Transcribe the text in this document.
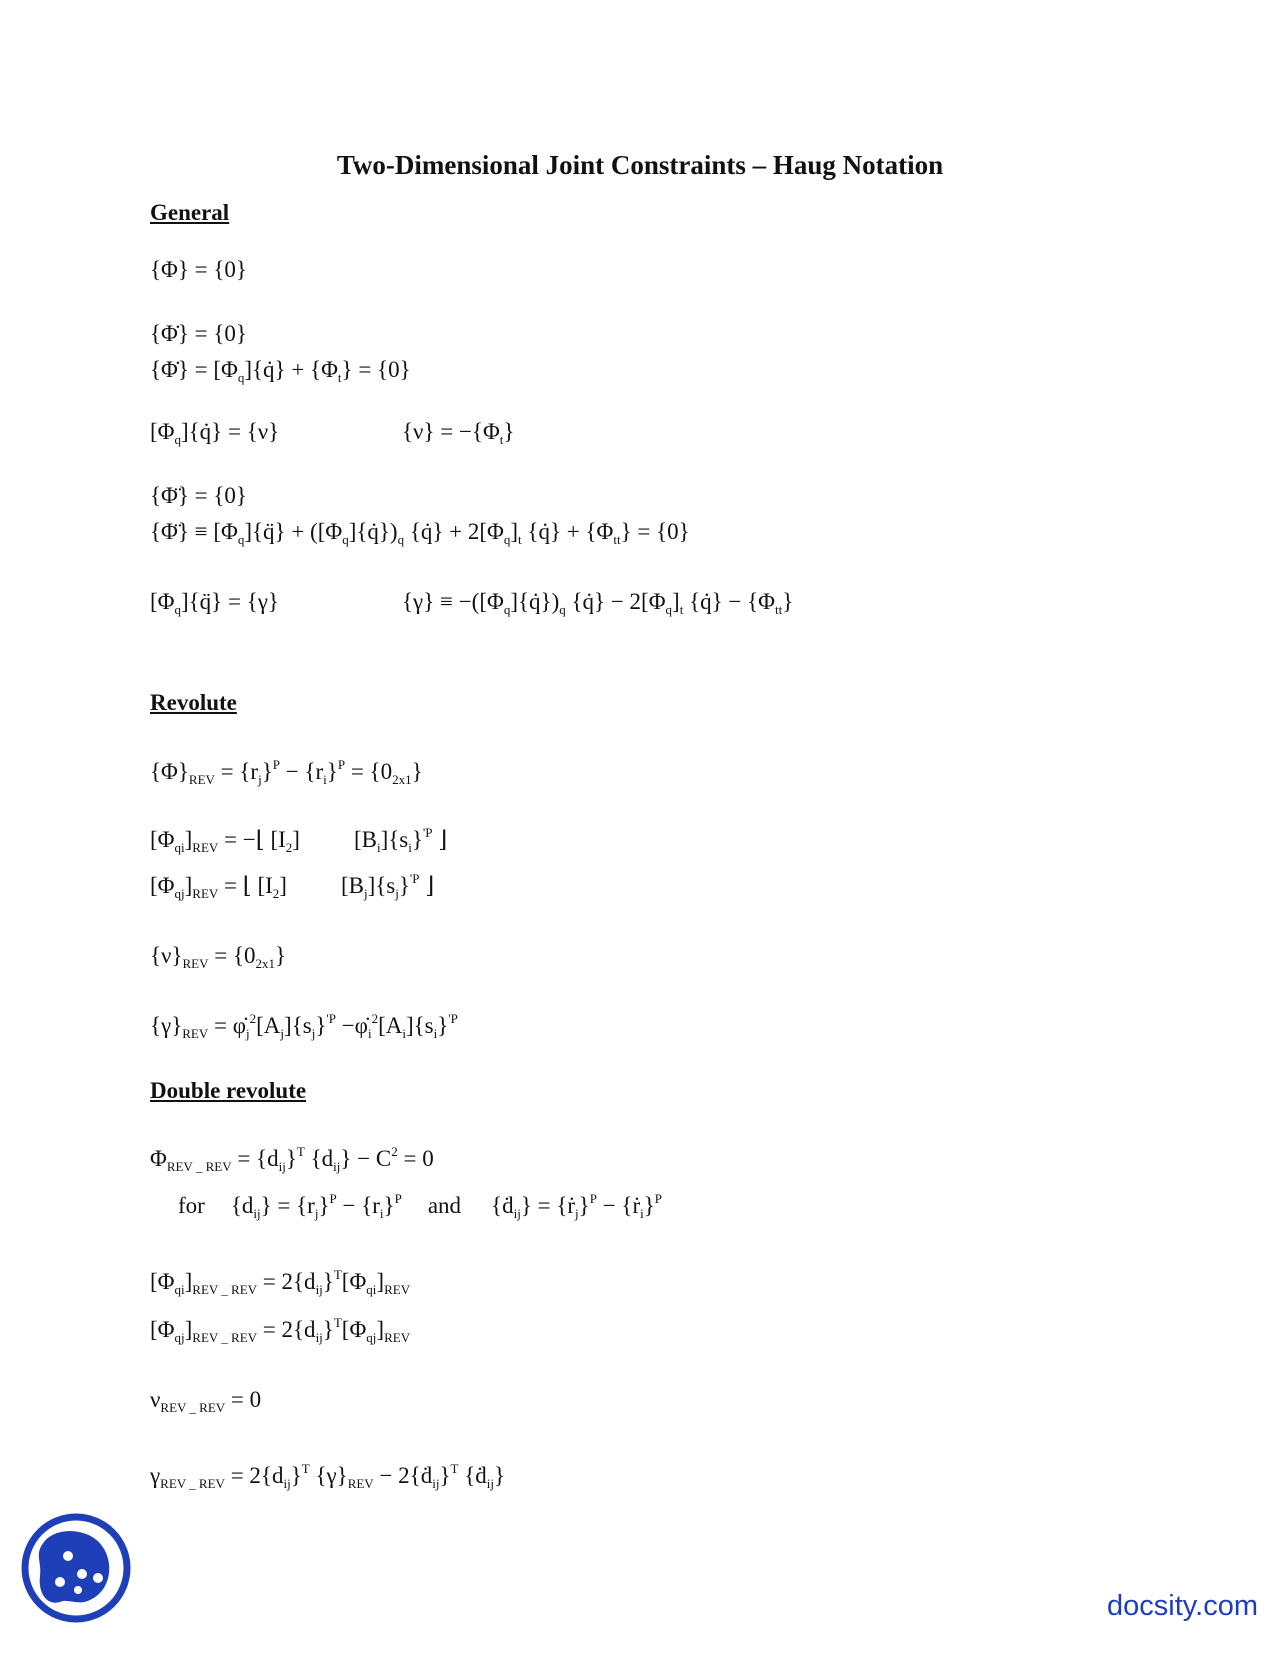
Two-Dimensional Joint Constraints – Haug Notation
General
{Φ} = {0}
{Φ̇} = {0}
{Φ̇} = $[\Phi_q]\{q̇\} + \{\Phi_t\} = \{0\}$
$[\Phi_q]\{q̇\} = \{\nu\}$	$\{\nu\} = -\{\Phi_t\}$
{Φ̈} = {0}
{Φ̈} ≡ $[\Phi_q]\{q̈\}$ + $([\Phi_q]\{q̇\})_q$ {q̇} + $2[\Phi_q]_t$ {q̇} + $\{\Phi_{tt}\} = \{0\}$
$[\Phi_q]\{q̈\} = \{\gamma\}$	$\{\gamma\} \equiv -([\Phi_q]\{q̇\})_q$ {q̇} − $2[\Phi_q]_t$ {q̇} − $\{\Phi_{tt}\}$
Revolute
$\{\Phi\}_{REV} = \{r_j\}^P - \{r_i\}^P = \{0_{2x1}\}$
$[\Phi_{qi}]_{REV}$ = −⌊ $[I_2]$ $[B_i]\{s_i\}^{'P}$ ⌋
$[\Phi_{qj}]_{REV}$ = ⌊ $[I_2]$ $[B_j]\{s_j\}^{'P}$ ⌋
$\{\nu\}_{REV} = \{0_{2x1}\}$
$\{\gamma\}_{REV}$ = $\varphi̇_j^2[A_j]\{s_j\}^{'P}$ $-\varphi̇_i^2[A_i]\{s_i\}^{'P}$
Double revolute
$\Phi_{REV \_ REV} = \{d_{ij}\}^T$ $\{d_{ij}\} - C^2 = 0$
for $\{d_{ij}\} = \{r_j\}^P - \{r_i\}^P$ and {ḋ$_{ij}$} = {ṙ$_j$}$^P$ − {ṙ$_i$}$^P$
$[\Phi_{qi}]_{REV \_ REV} = 2\{d_{ij}\}^T[\Phi_{qi}]_{REV}$
$[\Phi_{qj}]_{REV \_ REV} = 2\{d_{ij}\}^T[\Phi_{qj}]_{REV}$
$\nu_{REV \_ REV} = 0$
$\gamma_{REV \_ REV} = 2\{d_{ij}\}^T$ $\{\gamma\}_{REV}$ − 2{ḋ$_{ij}$}$^T$ {ḋ$_{ij}$}
docsity.com
